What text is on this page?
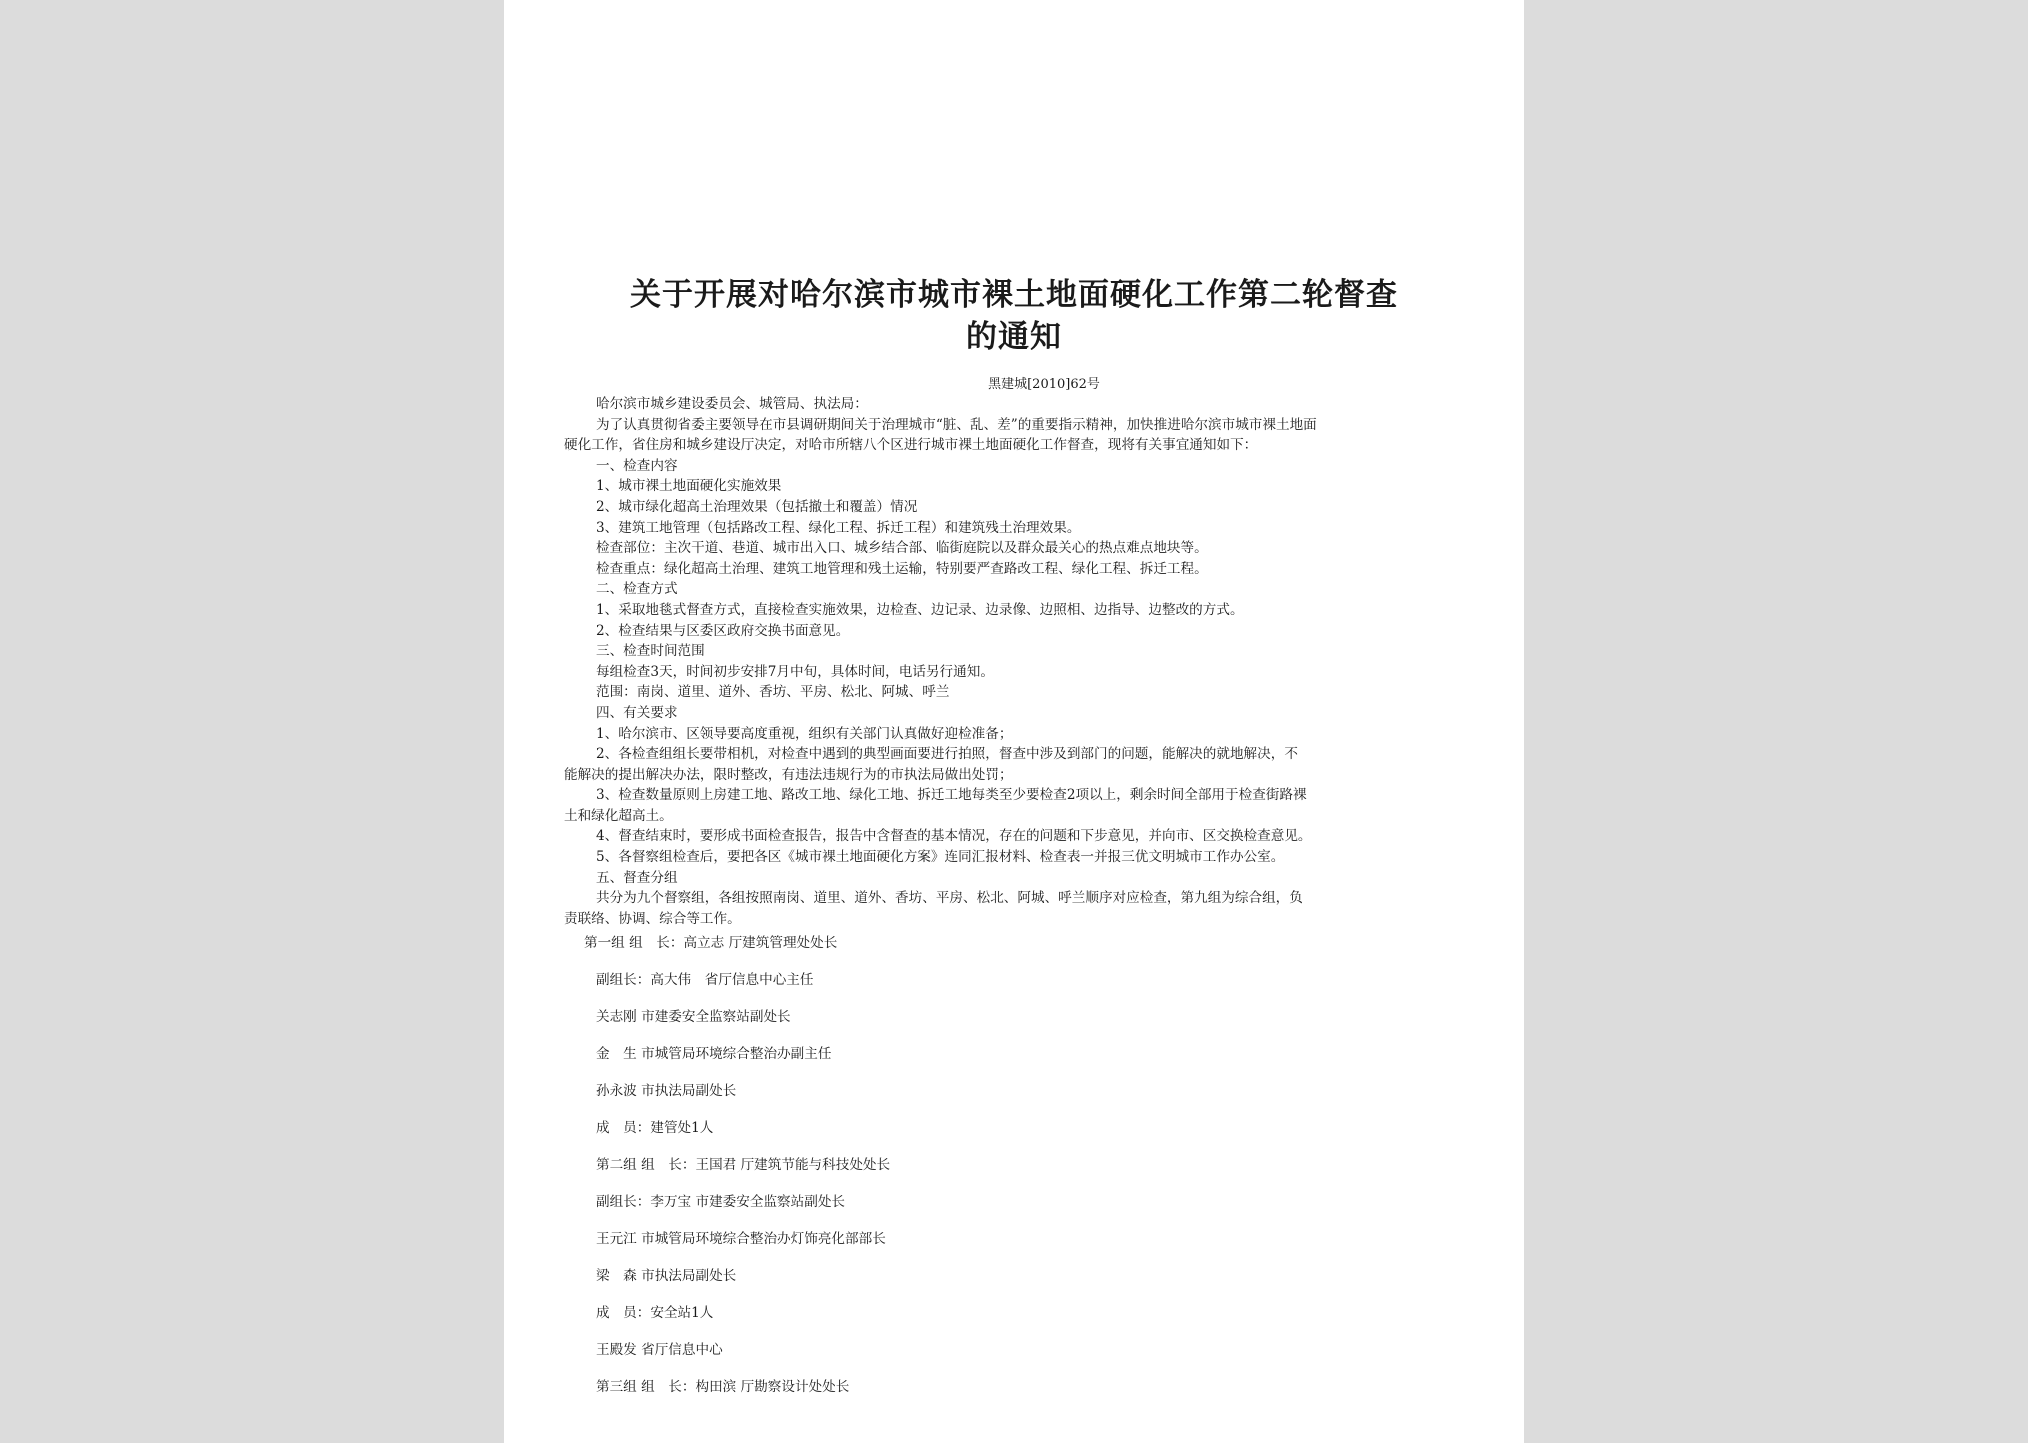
关于开展对哈尔滨市城市裸土地面硬化工作第二轮督查
的通知
黑建城[2010]62号
哈尔滨市城乡建设委员会、城管局、执法局：
为了认真贯彻省委主要领导在市县调研期间关于治理城市“脏、乱、差”的重要指示精神，加快推进哈尔滨市城市裸土地面
硬化工作，省住房和城乡建设厅决定，对哈市所辖八个区进行城市裸土地面硬化工作督查，现将有关事宜通知如下：
一、检查内容
1、城市裸土地面硬化实施效果
2、城市绿化超高土治理效果（包括撤土和覆盖）情况
3、建筑工地管理（包括路改工程、绿化工程、拆迁工程）和建筑残土治理效果。
检查部位：主次干道、巷道、城市出入口、城乡结合部、临街庭院以及群众最关心的热点难点地块等。
检查重点：绿化超高土治理、建筑工地管理和残土运输，特别要严查路改工程、绿化工程、拆迁工程。
二、检查方式
1、采取地毯式督查方式，直接检查实施效果，边检查、边记录、边录像、边照相、边指导、边整改的方式。
2、检查结果与区委区政府交换书面意见。
三、检查时间范围
每组检查3天，时间初步安排7月中旬，具体时间，电话另行通知。
范围：南岗、道里、道外、香坊、平房、松北、阿城、呼兰
四、有关要求
1、哈尔滨市、区领导要高度重视，组织有关部门认真做好迎检准备；
2、各检查组组长要带相机，对检查中遇到的典型画面要进行拍照，督查中涉及到部门的问题，能解决的就地解决，不
能解决的提出解决办法，限时整改，有违法违规行为的市执法局做出处罚；
3、检查数量原则上房建工地、路改工地、绿化工地、拆迁工地每类至少要检查2项以上，剩余时间全部用于检查街路裸
土和绿化超高土。
4、督查结束时，要形成书面检查报告，报告中含督查的基本情况，存在的问题和下步意见，并向市、区交换检查意见。
5、各督察组检查后，要把各区《城市裸土地面硬化方案》连同汇报材料、检查表一并报三优文明城市工作办公室。
五、督查分组
共分为九个督察组，各组按照南岗、道里、道外、香坊、平房、松北、阿城、呼兰顺序对应检查，第九组为综合组，负
责联络、协调、综合等工作。
第一组 组　长：高立志 厅建筑管理处处长
副组长：高大伟　省厅信息中心主任
关志刚 市建委安全监察站副处长
金　生 市城管局环境综合整治办副主任
孙永波 市执法局副处长
成　员：建管处1人
第二组 组　长：王国君 厅建筑节能与科技处处长
副组长：李万宝 市建委安全监察站副处长
王元江 市城管局环境综合整治办灯饰亮化部部长
梁　森 市执法局副处长
成　员：安全站1人
王殿发 省厅信息中心
第三组 组　长：构田滨 厅勘察设计处处长
